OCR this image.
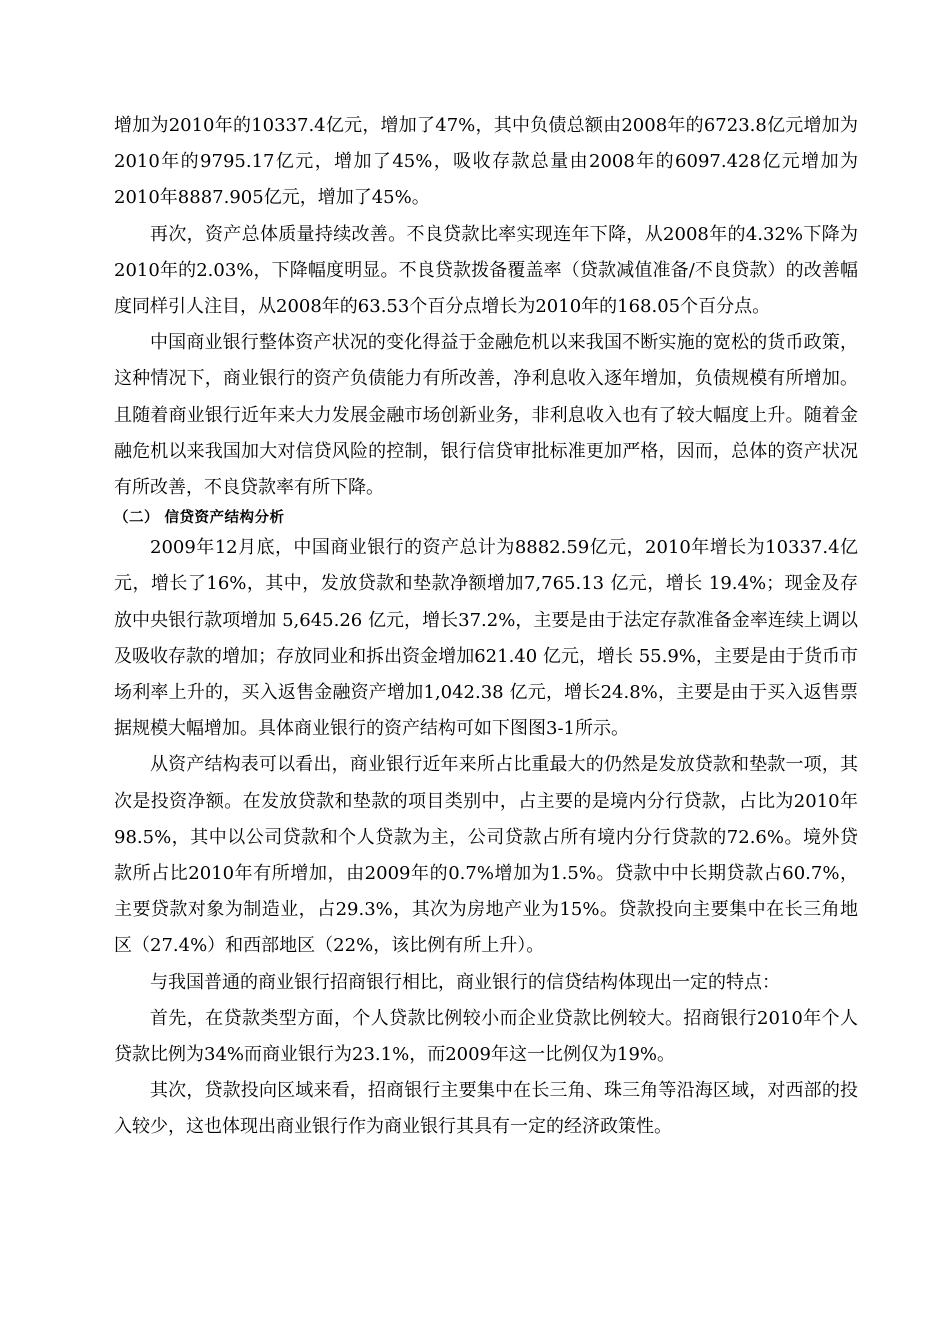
增加为2010年的10337.4亿元，增加了47%，其中负债总额由2008年的6723.8亿元增加为2010年的9795.17亿元，增加了45%，吸收存款总量由2008年的6097.428亿元增加为2010年8887.905亿元，增加了45%。

再次，资产总体质量持续改善。不良贷款比率实现连年下降，从2008年的4.32%下降为2010年的2.03%，下降幅度明显。不良贷款拨备覆盖率（贷款减值准备/不良贷款）的改善幅度同样引人注目，从2008年的63.53个百分点增长为2010年的168.05个百分点。

中国商业银行整体资产状况的变化得益于金融危机以来我国不断实施的宽松的货币政策，这种情况下，商业银行的资产负债能力有所改善，净利息收入逐年增加，负债规模有所增加。且随着商业银行近年来大力发展金融市场创新业务，非利息收入也有了较大幅度上升。随着金融危机以来我国加大对信贷风险的控制，银行信贷审批标准更加严格，因而，总体的资产状况有所改善，不良贷款率有所下降。

（二） 信贷资产结构分析

2009年12月底，中国商业银行的资产总计为8882.59亿元，2010年增长为10337.4亿元，增长了16%，其中，发放贷款和垫款净额增加7,765.13 亿元，增长 19.4%；现金及存放中央银行款项增加 5,645.26 亿元，增长37.2%，主要是由于法定存款准备金率连续上调以及吸收存款的增加；存放同业和拆出资金增加621.40 亿元，增长 55.9%，主要是由于货币市场利率上升的，买入返售金融资产增加1,042.38 亿元，增长24.8%，主要是由于买入返售票据规模大幅增加。具体商业银行的资产结构可如下图图3-1所示。

从资产结构表可以看出，商业银行近年来所占比重最大的仍然是发放贷款和垫款一项，其次是投资净额。在发放贷款和垫款的项目类别中，占主要的是境内分行贷款，占比为2010年98.5%，其中以公司贷款和个人贷款为主，公司贷款占所有境内分行贷款的72.6%。境外贷款所占比2010年有所增加，由2009年的0.7%增加为1.5%。贷款中中长期贷款占60.7%，主要贷款对象为制造业，占29.3%，其次为房地产业为15%。贷款投向主要集中在长三角地区（27.4%）和西部地区（22%，该比例有所上升）。

与我国普通的商业银行招商银行相比，商业银行的信贷结构体现出一定的特点：

首先，在贷款类型方面，个人贷款比例较小而企业贷款比例较大。招商银行2010年个人贷款比例为34%而商业银行为23.1%，而2009年这一比例仅为19%。

其次，贷款投向区域来看，招商银行主要集中在长三角、珠三角等沿海区域，对西部的投入较少，这也体现出商业银行作为商业银行其具有一定的经济政策性。
